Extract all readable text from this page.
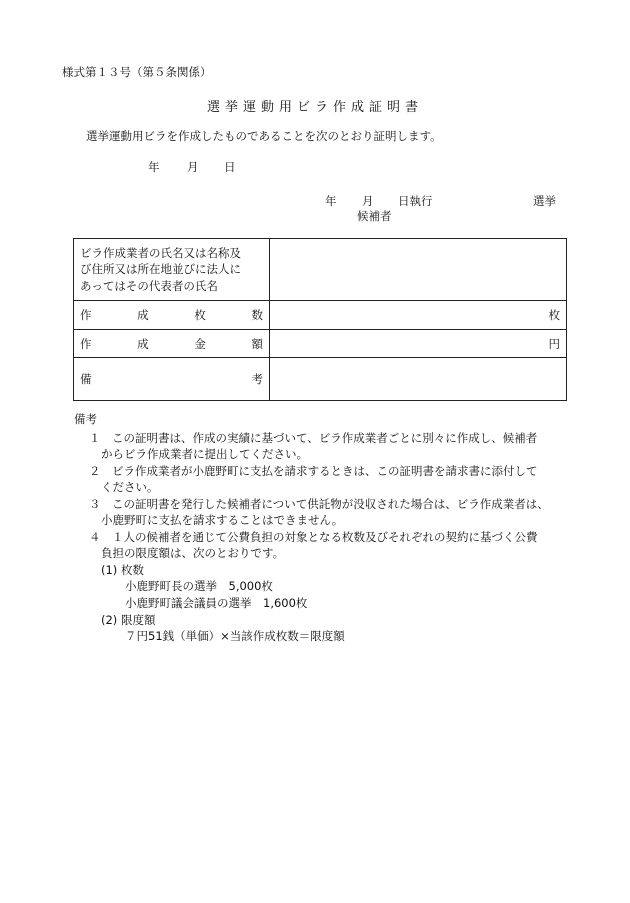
様式第１３号（第５条関係）
選挙運動用ビラ作成証明書
選挙運動用ビラを作成したものであることを次のとおり証明します。
年 月 日
年 月 日執行	選挙
候補者
ビラ作成業者の氏名又は名称及
び住所又は所在地並びに法人に
あってはその代表者の氏名	

作 成 枚 数	枚

作 成 金 額	円

備 考	

備考
１　この証明書は、作成の実績に基づいて、ビラ作成業者ごとに別々に作成し、候補者
からビラ作成業者に提出してください。
２　ビラ作成業者が小鹿野町に支払を請求するときは、この証明書を請求書に添付して
ください。
３　この証明書を発行した候補者について供託物が没収された場合は、ビラ作成業者は、
小鹿野町に支払を請求することはできません。
４　１人の候補者を通じて公費負担の対象となる枚数及びそれぞれの契約に基づく公費
負担の限度額は、次のとおりです。
(1) 枚数
小鹿野町長の選挙　5,000枚
小鹿野町議会議員の選挙　1,600枚
(2) 限度額
７円51銭（単価）×当該作成枚数＝限度額
